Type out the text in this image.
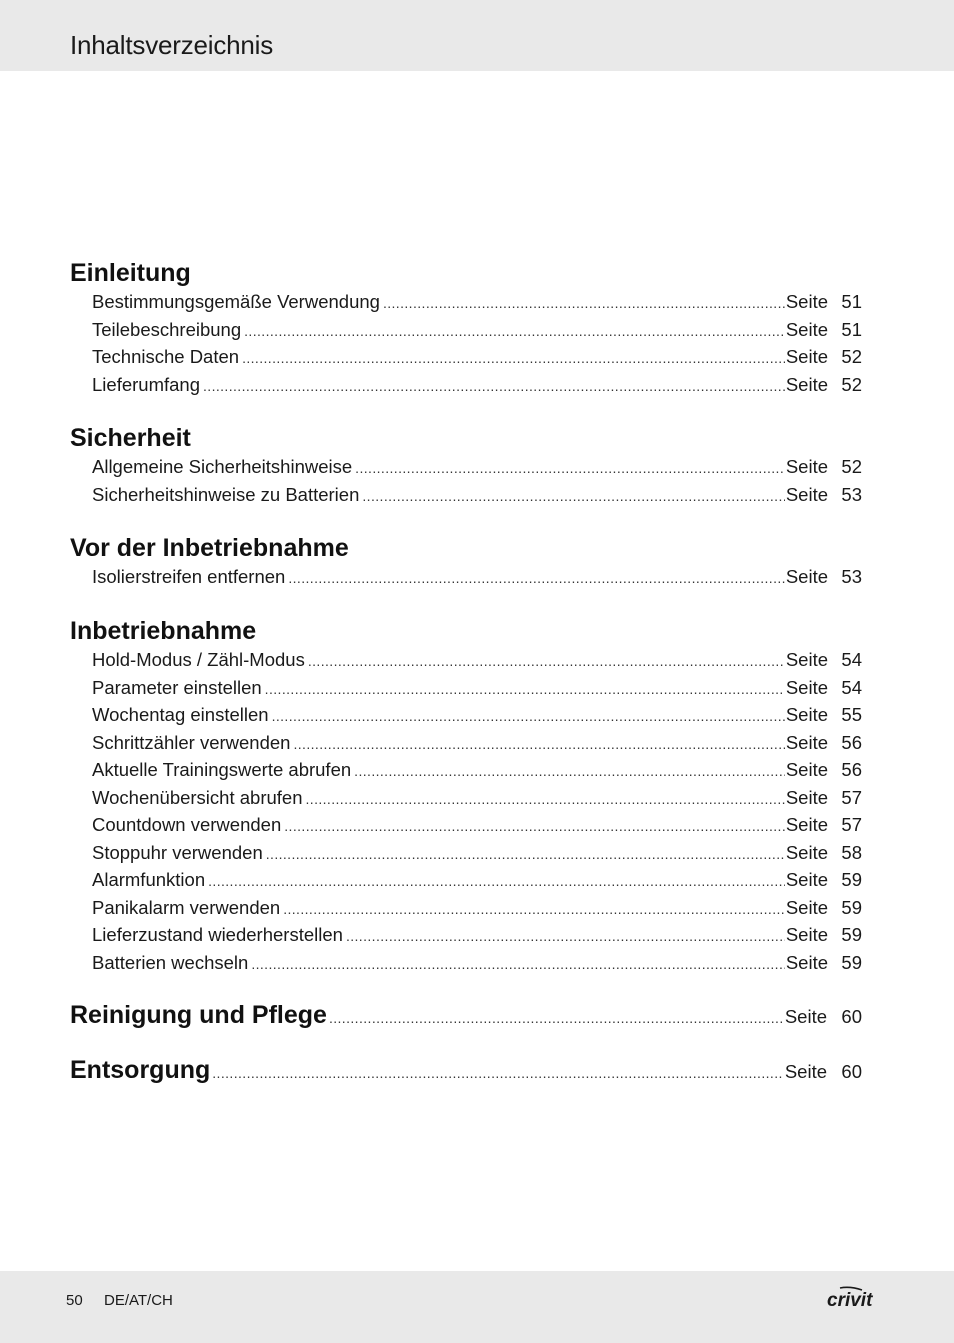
Inhaltsverzeichnis
Einleitung
Bestimmungsgemäße Verwendung .....	Seite 51
Teilebeschreibung .....	Seite 51
Technische Daten .....	Seite 52
Lieferumfang .....	Seite 52
Sicherheit
Allgemeine Sicherheitshinweise .....	Seite 52
Sicherheitshinweise zu Batterien .....	Seite 53
Vor der Inbetriebnahme
Isolierstreifen entfernen .....	Seite 53
Inbetriebnahme
Hold-Modus / Zähl-Modus .....	Seite 54
Parameter einstellen .....	Seite 54
Wochentag einstellen .....	Seite 55
Schrittzähler verwenden .....	Seite 56
Aktuelle Trainingswerte abrufen .....	Seite 56
Wochenübersicht abrufen .....	Seite 57
Countdown verwenden .....	Seite 57
Stoppuhr verwenden .....	Seite 58
Alarmfunktion .....	Seite 59
Panikalarm verwenden .....	Seite 59
Lieferzustand wiederherstellen .....	Seite 59
Batterien wechseln .....	Seite 59
Reinigung und Pflege .....	Seite 60
Entsorgung .....	Seite 60
50 DE/AT/CH	crivit
